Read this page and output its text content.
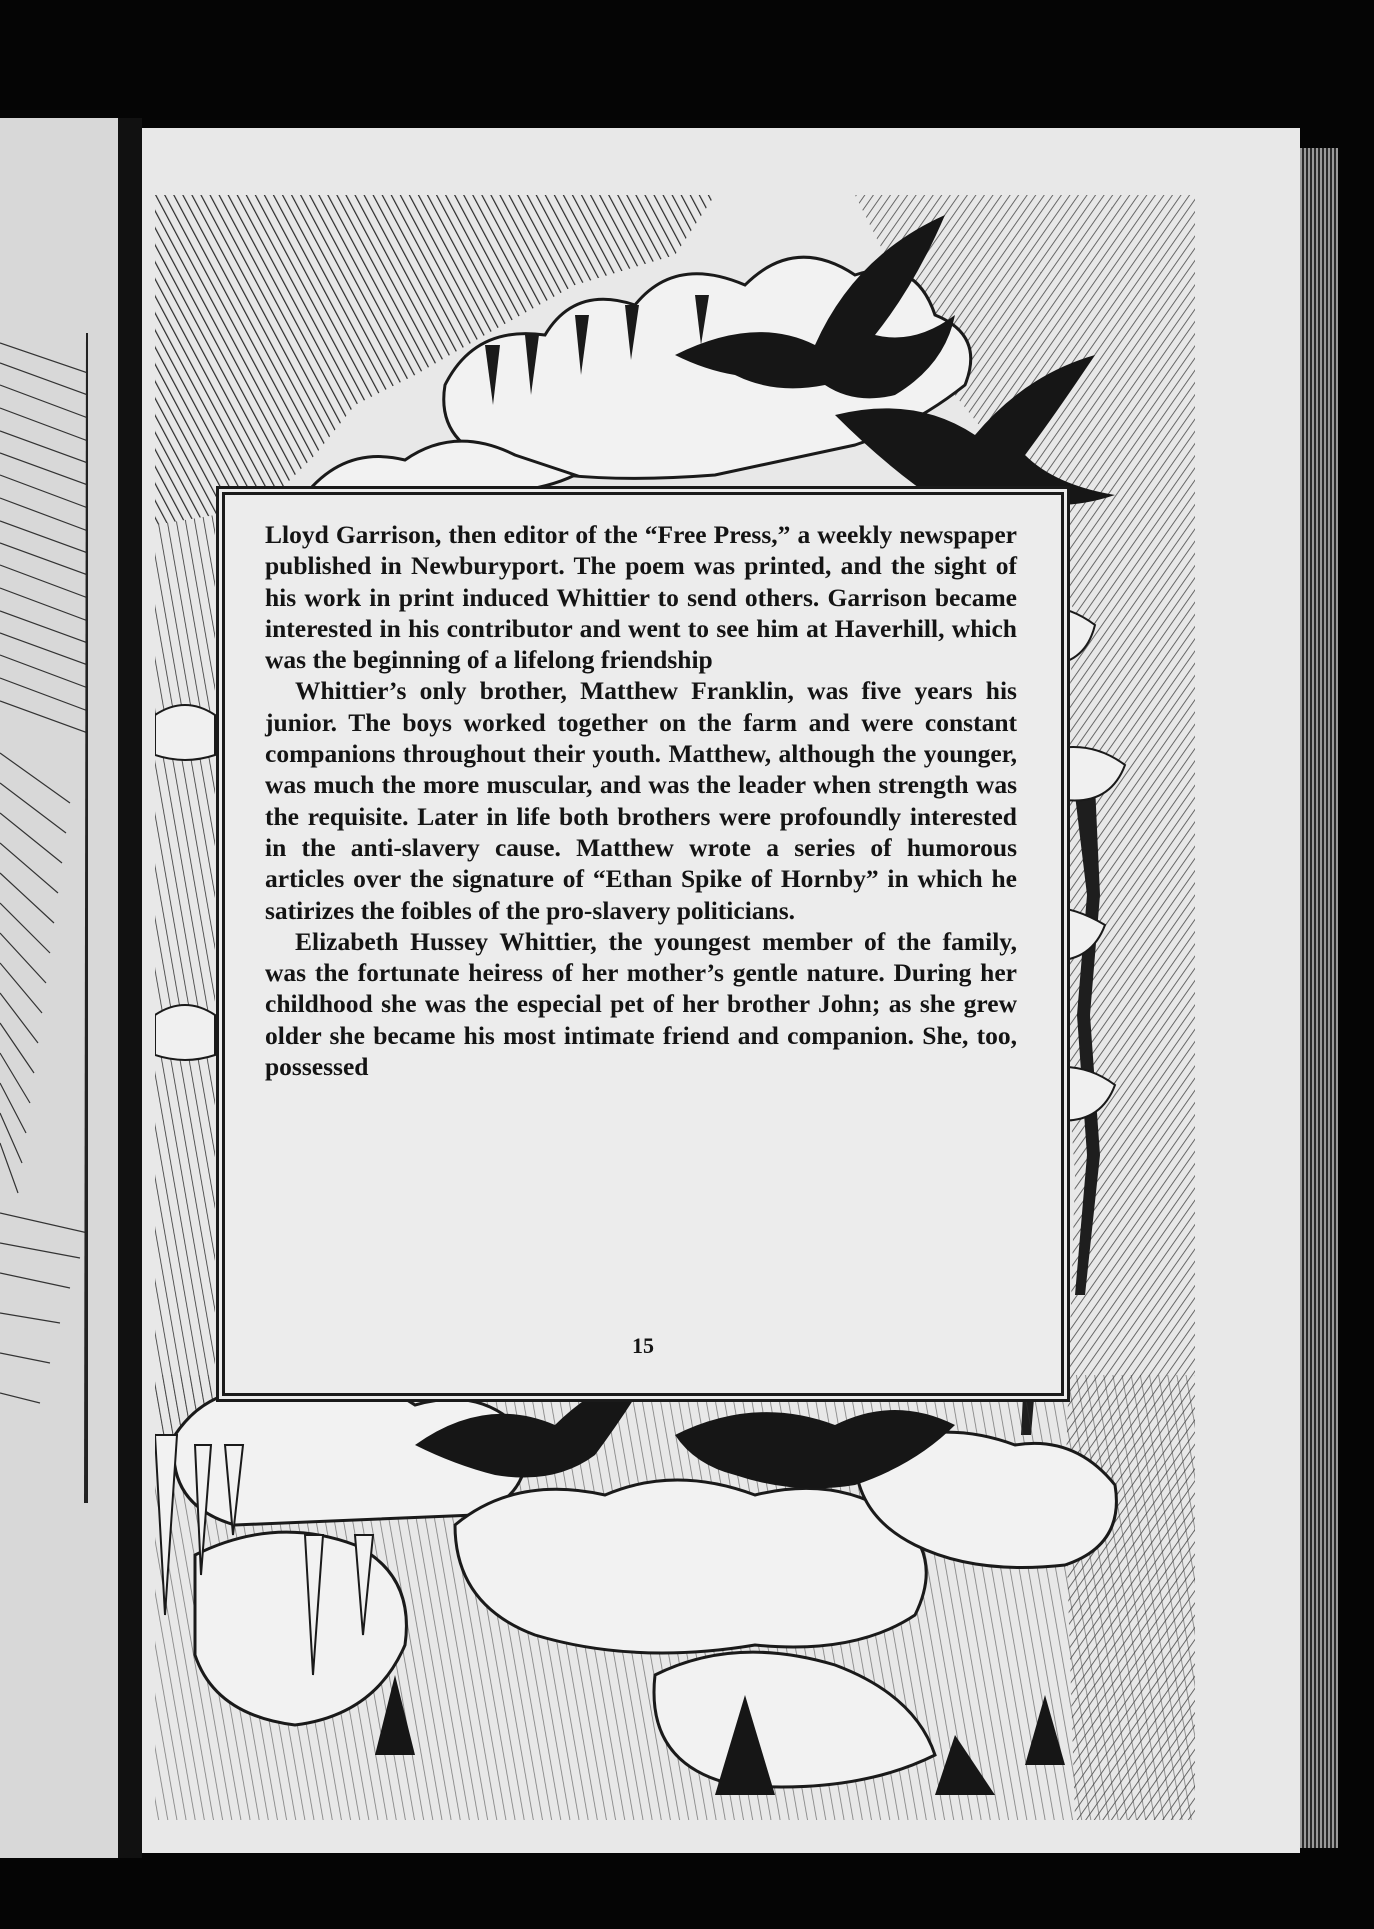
Lloyd Garrison, then editor of the “Free Press,” a weekly newspaper published in Newburyport. The poem was printed, and the sight of his work in print induced Whittier to send others. Garrison became interested in his contributor and went to see him at Haverhill, which was the beginning of a lifelong friendship

Whittier’s only brother, Matthew Franklin, was five years his junior. The boys worked together on the farm and were constant companions throughout their youth. Matthew, although the younger, was much the more muscular, and was the leader when strength was the requisite. Later in life both brothers were profoundly interested in the anti-slavery cause. Matthew wrote a series of humorous articles over the signature of “Ethan Spike of Hornby” in which he satirizes the foibles of the pro-slavery politicians.

Elizabeth Hussey Whittier, the youngest member of the family, was the fortunate heiress of her mother’s gentle nature. During her childhood she was the especial pet of her brother John; as she grew older she became his most intimate friend and companion. She, too, possessed

15
